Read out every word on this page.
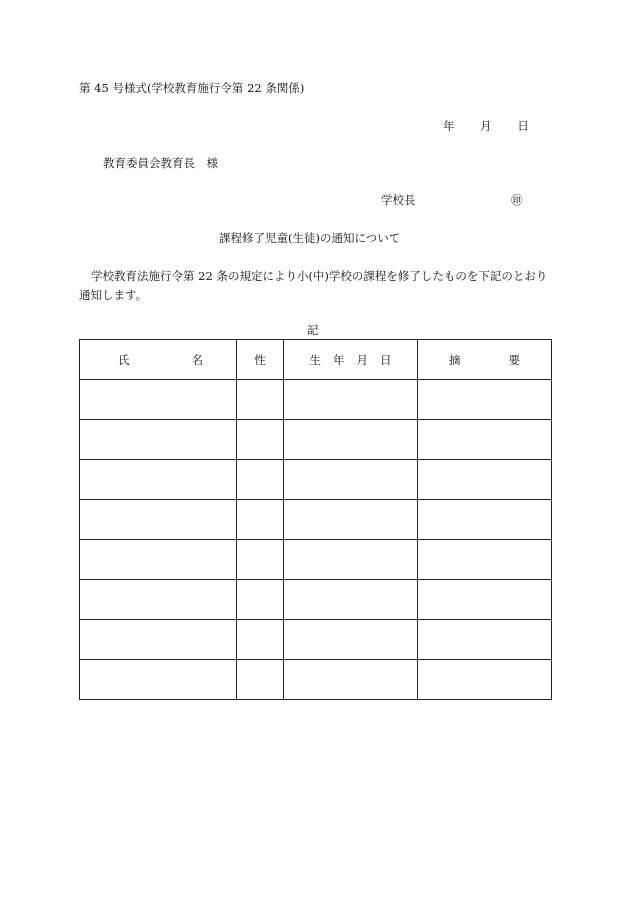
第 45 号様式(学校教育施行令第 22 条関係)
年 月 日
教育委員会教育長　様
学校長	㊞
課程修了児童(生徒)の通知について
学校教育法施行令第 22 条の規定により小(中)学校の課程を修了したものを下記のとおり通知します。
記
氏 名	性	生 年 月 日	摘 要
